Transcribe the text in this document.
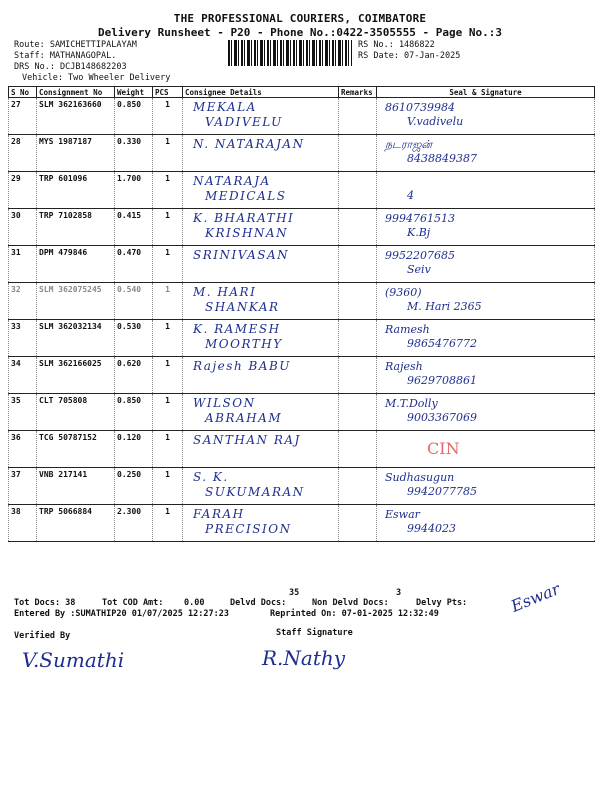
THE PROFESSIONAL COURIERS, COIMBATORE
Delivery Runsheet - P20 - Phone No.:0422-3505555 - Page No.:3
Route: SAMICHETTIPALAYAM
Staff: MATHANAGOPAL.
DRS No.: DCJB148682203
Vehicle: Two Wheeler Delivery
RS No.: 1486822
RS Date: 07-Jan-2025
S No	Consignment No	Weight	PCS	Consignee Details	Remarks	Seal & Signature
27	SLM 362163660	0.850	1	MEKALA
VADIVELU		8610739984
V.vadivelu

28	MYS 1987187	0.330	1	N. NATARAJAN		நடராஜன்
8438849387

29	TRP 601096	1.700	1	NATARAJA
MEDICALS		4

30	TRP 7102858	0.415	1	K. BHARATHI
KRISHNAN		9994761513
K.Bj

31	DPM 479846	0.470	1	SRINIVASAN		9952207685
Seiv

32	SLM 362075245	0.540	1	M. HARI
SHANKAR		(9360)
M. Hari 2365

33	SLM 362032134	0.530	1	K. RAMESH
MOORTHY		Ramesh
9865476772

34	SLM 362166025	0.620	1	Rajesh BABU		Rajesh
9629708861

35	CLT 705808	0.850	1	WILSON
ABRAHAM		M.T.Dolly
9003367069

36	TCG 50787152	0.120	1	SANTHAN RAJ		CIN

37	VNB 217141	0.250	1	S. K.
SUKUMARAN		Sudhasugun
9942077785

38	TRP 5066884	2.300	1	FARAH
PRECISION		Eswar
9944023
Tot Docs: 38	Tot COD Amt: 0.00	Delvd Docs:
35
Non Delvd Docs:
3
Delvy Pts:
Entered By :SUMATHIP20 01/07/2025 12:27:23	Reprinted On: 07-01-2025 12:32:49	Eswar
Verified By	Staff Signature
V.Sumathi	R.Nathy
